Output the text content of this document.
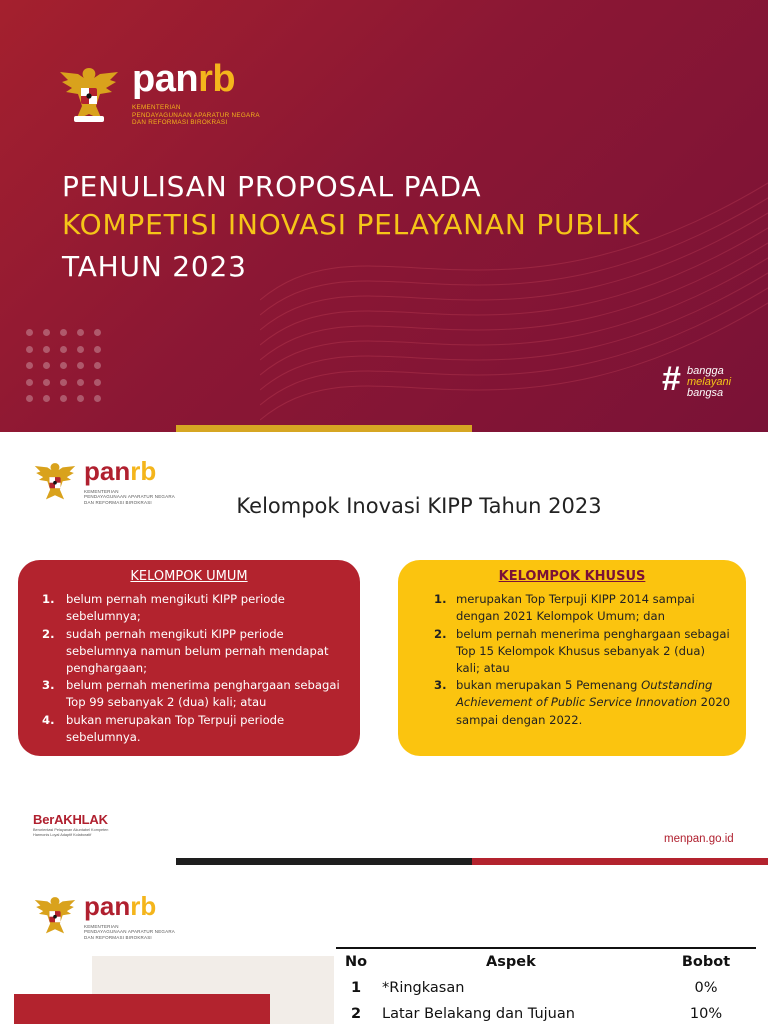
panrb
KEMENTERIAN
PENDAYAGUNAAN APARATUR NEGARA
DAN REFORMASI BIROKRASI
PENULISAN PROPOSAL PADA
KOMPETISI INOVASI PELAYANAN PUBLIK
TAHUN 2023
# bangga
melayani
bangsa
panrb
KEMENTERIAN
PENDAYAGUNAAN APARATUR NEGARA
DAN REFORMASI BIROKRASI	Kelompok Inovasi KIPP Tahun 2023
KELOMPOK UMUM
belum pernah mengikuti KIPP periode sebelumnya;
sudah pernah mengikuti KIPP periode sebelumnya namun belum pernah mendapat penghargaan;
belum pernah menerima penghargaan sebagai Top 99 sebanyak 2 (dua) kali; atau
bukan merupakan Top Terpuji periode sebelumnya.
KELOMPOK KHUSUS
merupakan Top Terpuji KIPP 2014 sampai dengan 2021 Kelompok Umum; dan
belum pernah menerima penghargaan sebagai Top 15 Kelompok Khusus sebanyak 2 (dua) kali; atau
bukan merupakan 5 Pemenang Outstanding Achievement of Public Service Innovation 2020 sampai dengan 2022.
BerAKHLAK
Berorientasi Pelayanan Akuntabel Kompeten
Harmonis Loyal Adaptif Kolaboratif	menpan.go.id
panrb
KEMENTERIAN
PENDAYAGUNAAN APARATUR NEGARA
DAN REFORMASI BIROKRASI
No	Aspek	Bobot
1	*Ringkasan	0%
2	Latar Belakang dan Tujuan	10%
